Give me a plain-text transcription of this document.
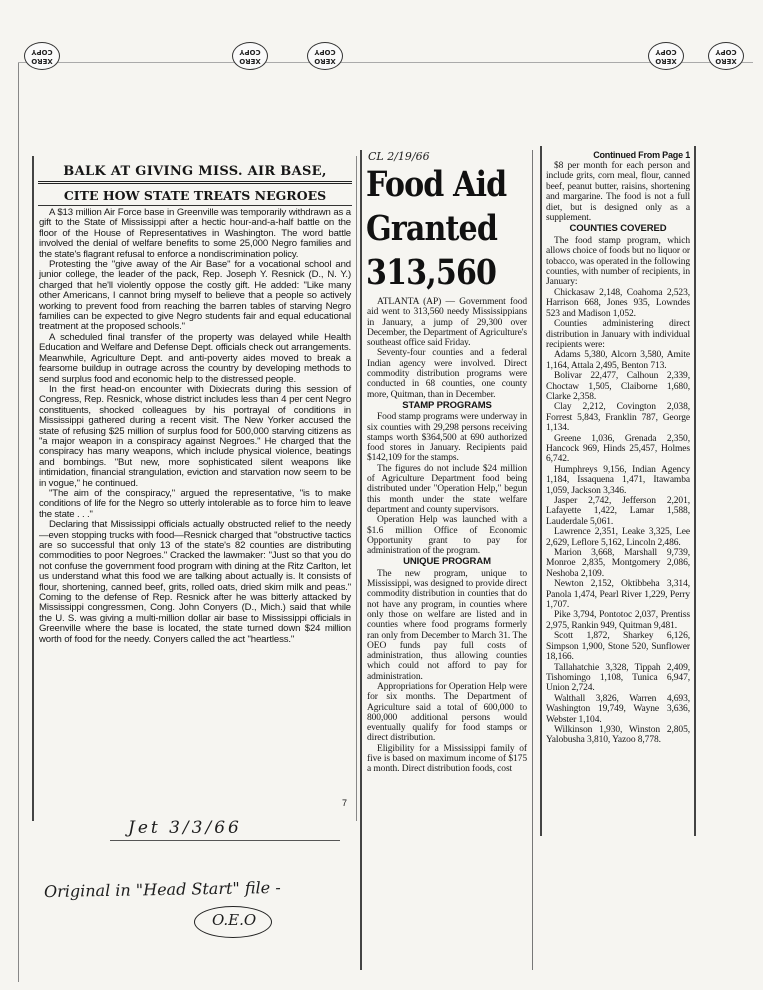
XERO
COPY
XERO
COPY
XERO
COPY
XERO
COPY
XERO
COPY
BALK AT GIVING MISS. AIR BASE,
CITE HOW STATE TREATS NEGROES

A $13 million Air Force base in Greenville was temporarily withdrawn as a gift to the State of Mississippi after a hectic hour-and-a-half battle on the floor of the House of Representatives in Washington. The word battle involved the denial of welfare benefits to some 25,000 Negro families and the state's flagrant refusal to enforce a nondiscrimination policy.

Protesting the "give away of the Air Base" for a vocational school and junior college, the leader of the pack, Rep. Joseph Y. Resnick (D., N. Y.) charged that he'll violently oppose the costly gift. He added: "Like many other Americans, I cannot bring myself to believe that a people so actively working to prevent food from reaching the barren tables of starving Negro families can be expected to give Negro students fair and equal educational treatment at the proposed schools."

A scheduled final transfer of the property was delayed while Health Education and Welfare and Defense Dept. officials check out arrangements. Meanwhile, Agriculture Dept. and anti-poverty aides moved to break a fearsome buildup in outrage across the country by developing methods to send surplus food and economic help to the distressed people.

In the first head-on encounter with Dixiecrats during this session of Congress, Rep. Resnick, whose district includes less than 4 per cent Negro constituents, shocked colleagues by his portrayal of conditions in Mississippi gathered during a recent visit. The New Yorker accused the state of refusing $25 million of surplus food for 500,000 starving citizens as "a major weapon in a conspiracy against Negroes." He charged that the conspiracy has many weapons, which include physical violence, beatings and bombings. "But new, more sophisticated silent weapons like intimidation, financial strangulation, eviction and starvation now seem to be in vogue," he continued.

"The aim of the conspiracy," argued the representative, "is to make conditions of life for the Negro so utterly intolerable as to force him to leave the state . . ."

Declaring that Mississippi officials actually obstructed relief to the needy—even stopping trucks with food—Resnick charged that "obstructive tactics are so successful that only 13 of the state's 82 counties are distributing commodities to poor Negroes." Cracked the lawmaker: "Just so that you do not confuse the government food program with dining at the Ritz Carlton, let us understand what this food we are talking about actually is. It consists of flour, shortening, canned beef, grits, rolled oats, dried skim milk and peas." Coming to the defense of Rep. Resnick after he was bitterly attacked by Mississippi congressmen, Cong. John Conyers (D., Mich.) said that while the U. S. was giving a multi-million dollar air base to Mississippi officials in Greenville where the base is located, the state turned down $24 million worth of food for the needy. Conyers called the act "heartless."

7
CL 2/19/66
Food Aid
Granted
313,560

ATLANTA (AP) — Government food aid went to 313,560 needy Mississippians in January, a jump of 29,300 over December, the Department of Agriculture's southeast office said Friday.

Seventy-four counties and a federal Indian agency were involved. Direct commodity distribution programs were conducted in 68 counties, one county more, Quitman, than in December.

STAMP PROGRAMS

Food stamp programs were underway in six counties with 29,298 persons receiving stamps worth $364,500 at 690 authorized food stores in January. Recipients paid $142,109 for the stamps.

The figures do not include $24 million of Agriculture Department food being distributed under "Operation Help," begun this month under the state welfare department and county supervisors.

Operation Help was launched with a $1.6 million Office of Economic Opportunity grant to pay for administration of the program.

UNIQUE PROGRAM

The new program, unique to Mississippi, was designed to provide direct commodity distribution in counties that do not have any program, in counties where only those on welfare are listed and in counties where food programs formerly ran only from December to March 31. The OEO funds pay full costs of administration, thus allowing counties which could not afford to pay for administration.

Appropriations for Operation Help were for six months. The Department of Agriculture said a total of 600,000 to 800,000 additional persons would eventually qualify for food stamps or direct distribution.

Eligibility for a Mississippi family of five is based on maximum income of $175 a month. Direct distribution foods, cost

Continued From Page 1

$8 per month for each person and include grits, corn meal, flour, canned beef, peanut butter, raisins, shortening and margarine. The food is not a full diet, but is designed only as a supplement.

COUNTIES COVERED

The food stamp program, which allows choice of foods but no liquor or tobacco, was operated in the following counties, with number of recipients, in January:

Chickasaw 2,148, Coahoma 2,523, Harrison 668, Jones 935, Lowndes 523 and Madison 1,052.

Counties administering direct distribution in January with individual recipients were:

Adams 5,380, Alcorn 3,580, Amite 1,164, Attala 2,495, Benton 713.

Bolivar 22,477, Calhoun 2,339, Choctaw 1,505, Claiborne 1,680, Clarke 2,358.

Clay 2,212, Covington 2,038, Forrest 5,843, Franklin 787, George 1,134.

Greene 1,036, Grenada 2,350, Hancock 969, Hinds 25,457, Holmes 6,742.

Humphreys 9,156, Indian Agency 1,184, Issaquena 1,471, Itawamba 1,059, Jackson 3,346.

Jasper 2,742, Jefferson 2,201, Lafayette 1,422, Lamar 1,588, Lauderdale 5,061.

Lawrence 2,351, Leake 3,325, Lee 2,629, Leflore 5,162, Lincoln 2,486.

Marion 3,668, Marshall 9,739, Monroe 2,835, Montgomery 2,086, Neshoba 2,109.

Newton 2,152, Oktibbeha 3,314, Panola 1,474, Pearl River 1,229, Perry 1,707.

Pike 3,794, Pontotoc 2,037, Prentiss 2,975, Rankin 949, Quitman 9,481.

Scott 1,872, Sharkey 6,126, Simpson 1,900, Stone 520, Sunflower 18,166.

Tallahatchie 3,328, Tippah 2,409, Tishomingo 1,108, Tunica 6,947, Union 2,724.

Walthall 3,826, Warren 4,693, Washington 19,749, Wayne 3,636, Webster 1,104.

Wilkinson 1,930, Winston 2,805, Yalobusha 3,810, Yazoo 8,778.

Jet 3/3/66
Original in "Head Start" file -
O.E.O
